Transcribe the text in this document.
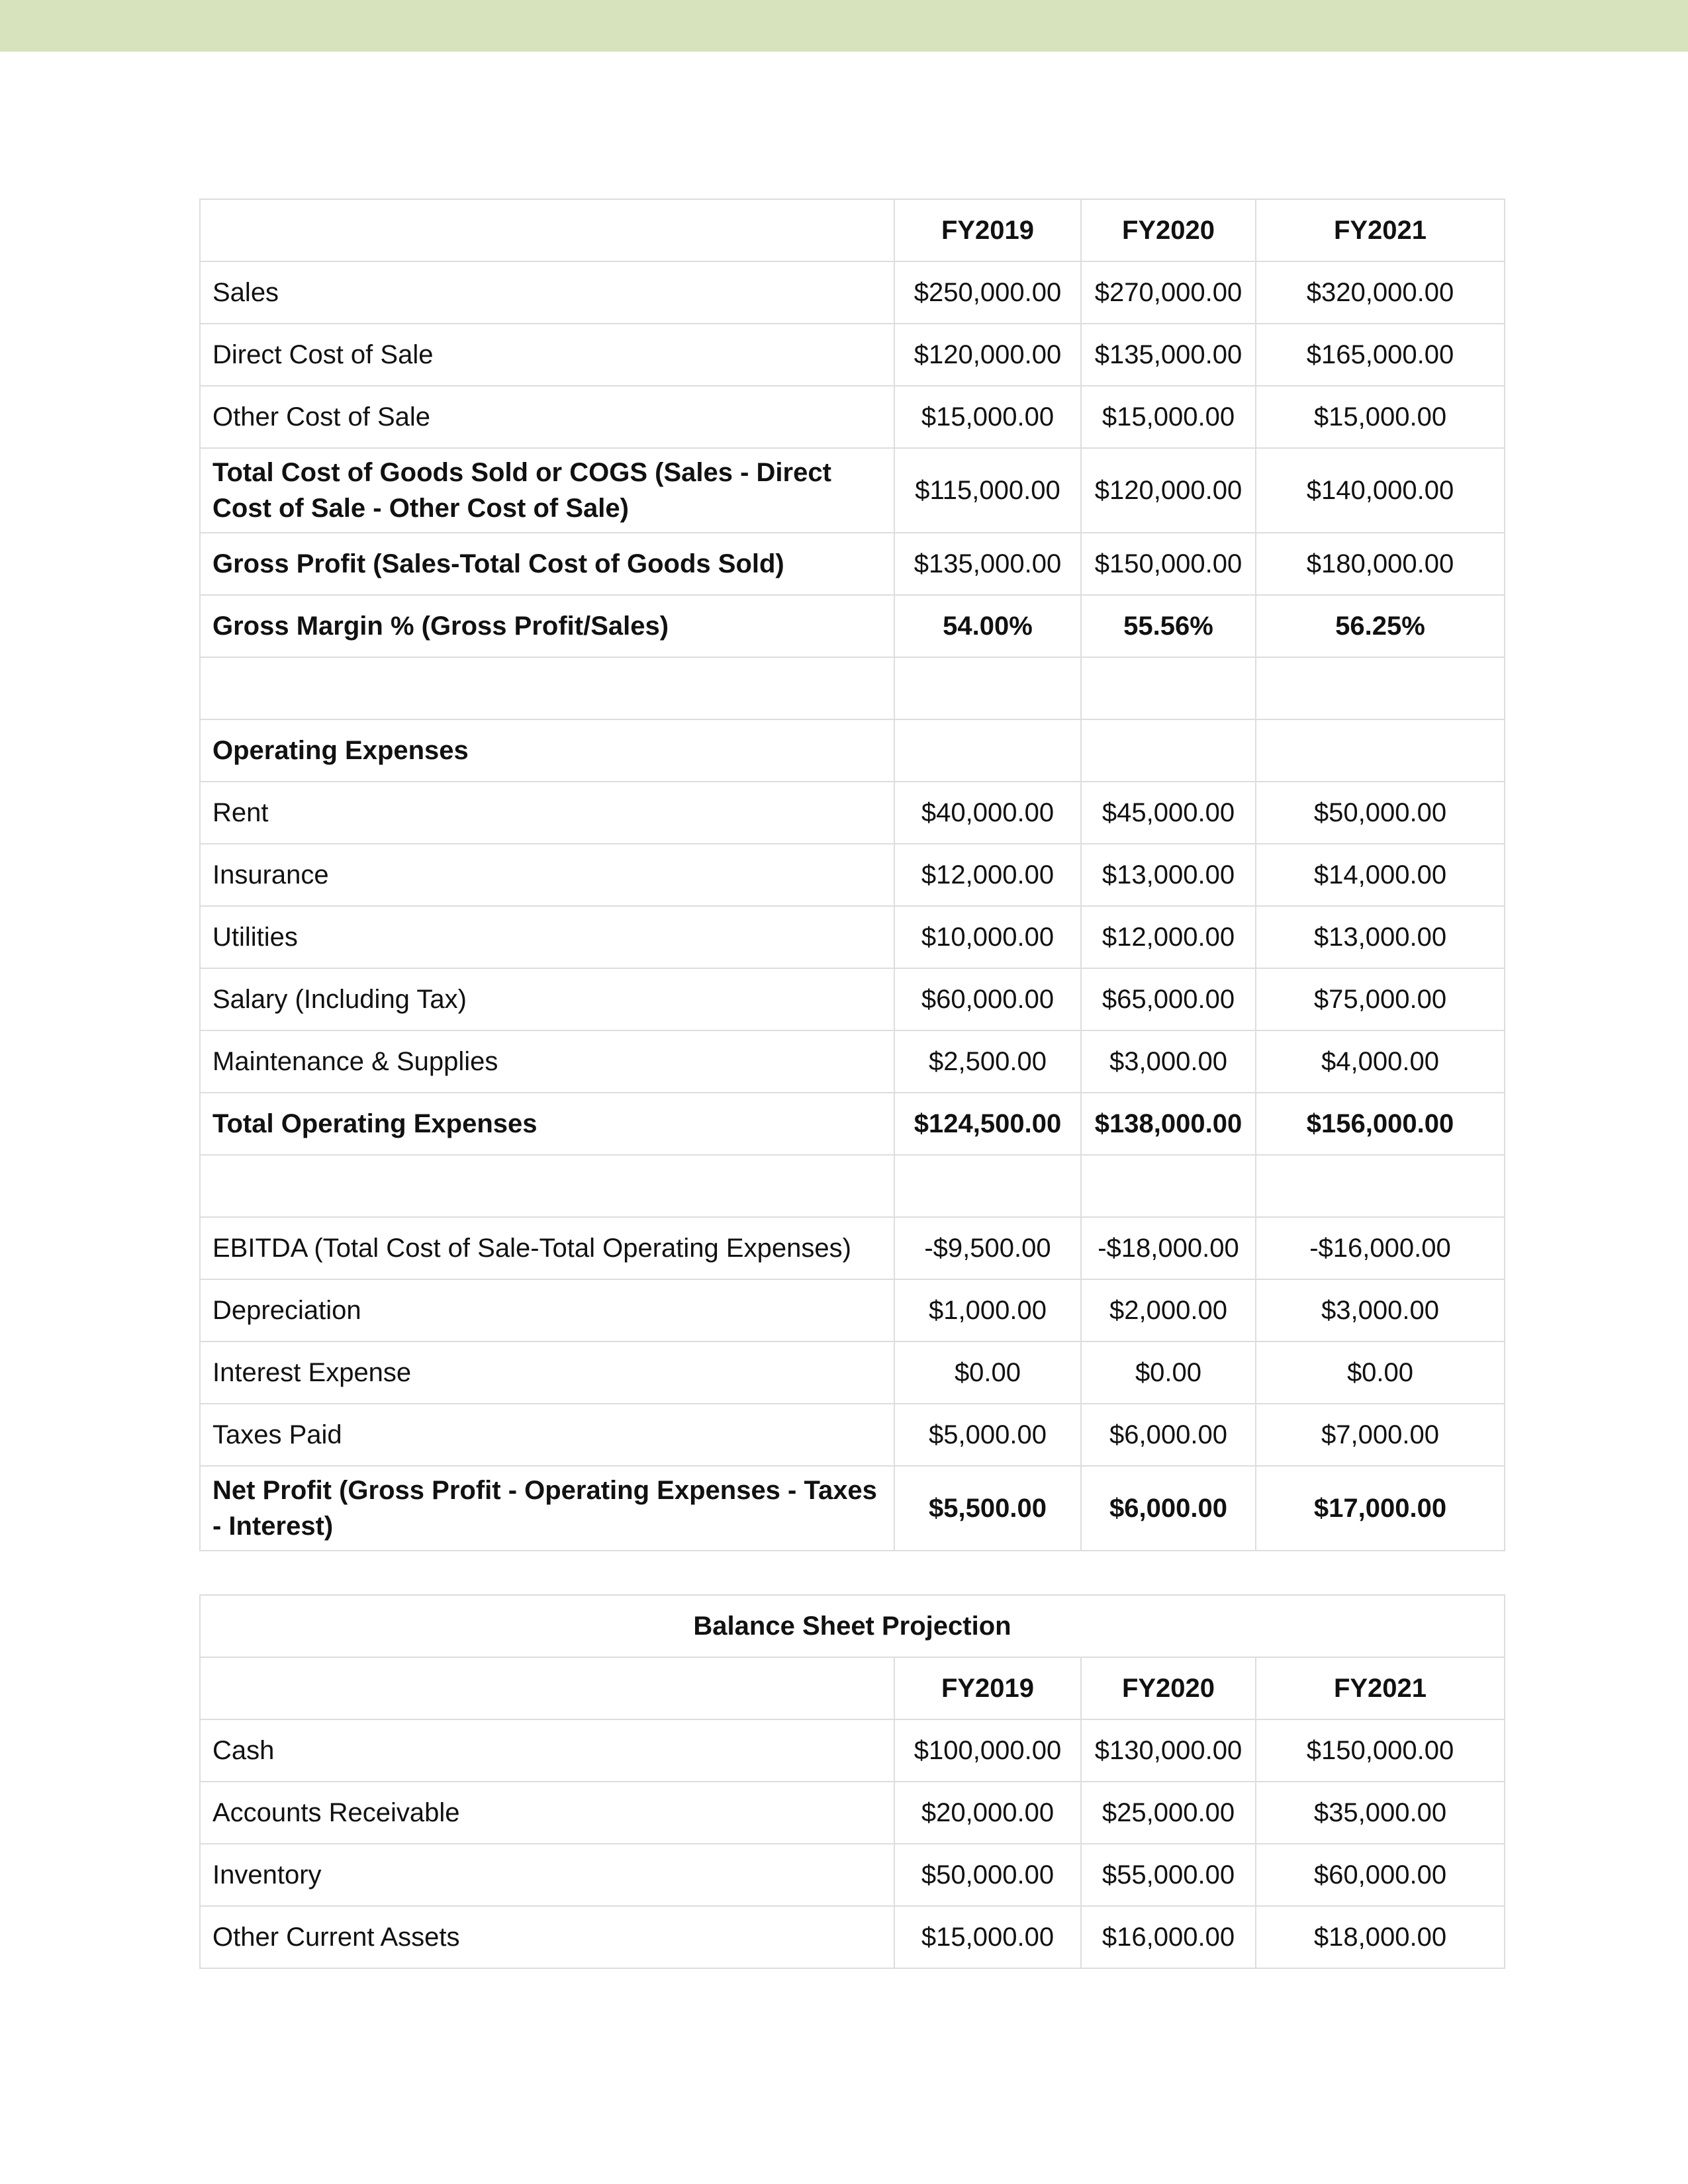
	FY2019	FY2020	FY2021
Sales	$250,000.00	$270,000.00	$320,000.00
Direct Cost of Sale	$120,000.00	$135,000.00	$165,000.00
Other Cost of Sale	$15,000.00	$15,000.00	$15,000.00
Total Cost of Goods Sold or COGS (Sales - Direct Cost of Sale - Other Cost of Sale)	$115,000.00	$120,000.00	$140,000.00
Gross Profit (Sales-Total Cost of Goods Sold)	$135,000.00	$150,000.00	$180,000.00
Gross Margin % (Gross Profit/Sales)	54.00%	55.56%	56.25%

Operating Expenses			
Rent	$40,000.00	$45,000.00	$50,000.00
Insurance	$12,000.00	$13,000.00	$14,000.00
Utilities	$10,000.00	$12,000.00	$13,000.00
Salary (Including Tax)	$60,000.00	$65,000.00	$75,000.00
Maintenance & Supplies	$2,500.00	$3,000.00	$4,000.00
Total Operating Expenses	$124,500.00	$138,000.00	$156,000.00

EBITDA (Total Cost of Sale-Total Operating Expenses)	-$9,500.00	-$18,000.00	-$16,000.00
Depreciation	$1,000.00	$2,000.00	$3,000.00
Interest Expense	$0.00	$0.00	$0.00
Taxes Paid	$5,000.00	$6,000.00	$7,000.00
Net Profit (Gross Profit - Operating Expenses - Taxes - Interest)	$5,500.00	$6,000.00	$17,000.00
Balance Sheet Projection			
	FY2019	FY2020	FY2021
Cash	$100,000.00	$130,000.00	$150,000.00
Accounts Receivable	$20,000.00	$25,000.00	$35,000.00
Inventory	$50,000.00	$55,000.00	$60,000.00
Other Current Assets	$15,000.00	$16,000.00	$18,000.00
